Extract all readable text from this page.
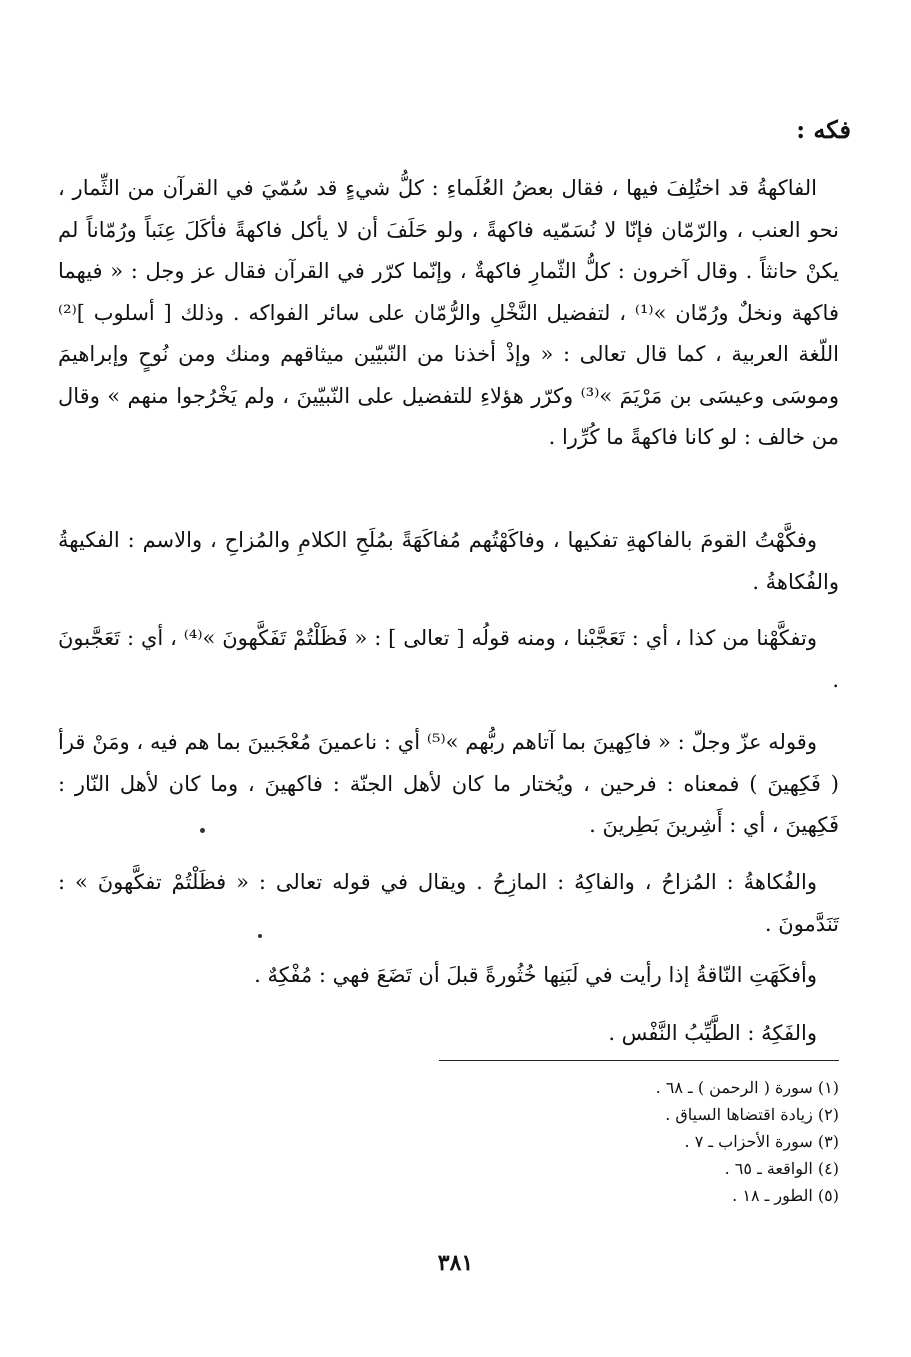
فكه :
الفاكهةُ قد اختُلِفَ فيها ، فقال بعضُ العُلَماءِ : كلُّ شيءٍ قد سُمّيَ في القرآن من الثِّمار ، نحو العنب ، والرّمّان فإنّا لا نُسَمّيه فاكهةً ، ولو حَلَفَ أن لا يأكل فاكهةً فأكَلَ عِنَباً ورُمّاناً لم يكنْ حانثاً . وقال آخرون : كلُّ الثّمارِ فاكهةٌ ، وإنّما كرّر في القرآن فقال عز وجل : « فيهما فاكهة ونخلٌ ورُمّان »⁽¹⁾ ، لتفضيل النَّخْلِ والرُّمّان على سائر الفواكه . وذلك [ أسلوب ]⁽²⁾ اللّغة العربية ، كما قال تعالى : « وإذْ أخذنا من النّبيّين ميثاقهم ومنك ومن نُوحٍ وإبراهيمَ وموسَى وعيسَى بن مَرْيَمَ »⁽³⁾ وكرّر هؤلاءِ للتفضيل على النّبيّينَ ، ولم يَخْرُجوا منهم » وقال من خالف : لو كانا فاكهةً ما كُرِّرا .
وفكَّهْتُ القومَ بالفاكهةِ تفكيها ، وفاكَهْتُهم مُفاكَهَةً بمُلَحِ الكلامِ والمُزاحِ ، والاسم : الفكيهةُ والفُكاهةُ .
وتفكَّهْنا من كذا ، أي : تَعَجَّبْنا ، ومنه قولُه [ تعالى ] : « فَظَلْتُمْ تَفَكَّهونَ »⁽⁴⁾ ، أي : تَعَجَّبونَ .
وقوله عزّ وجلّ : « فاكِهينَ بما آتاهم ربُّهم »⁽⁵⁾ أي : ناعمينَ مُعْجَبينَ بما هم فيه ، ومَنْ قرأ ( فَكِهينَ ) فمعناه : فرحين ، ويُختار ما كان لأهل الجنّة : فاكهينَ ، وما كان لأهل النّار : فَكِهينَ ، أي : أَشِرينَ بَطِرينَ .
والفُكاهةُ : المُزاحُ ، والفاكِهُ : المازِحُ . ويقال في قوله تعالى : « فظَلْتُمْ تفكَّهونَ » : تَنَدَّمونَ .
وأفكَهَتِ النّاقةُ إذا رأيت في لَبَنِها خُثُورةً قبلَ أن تَضَعَ فهي : مُفْكِهٌ .
والفَكِهُ : الطَّيِّبُ النَّفْس .
(١) سورة ( الرحمن ) ـ ٦٨ .
(٢) زيادة اقتضاها السياق .
(٣) سورة الأحزاب ـ ٧ .
(٤) الواقعة ـ ٦٥ .
(٥) الطور ـ ١٨ .
٣٨١
